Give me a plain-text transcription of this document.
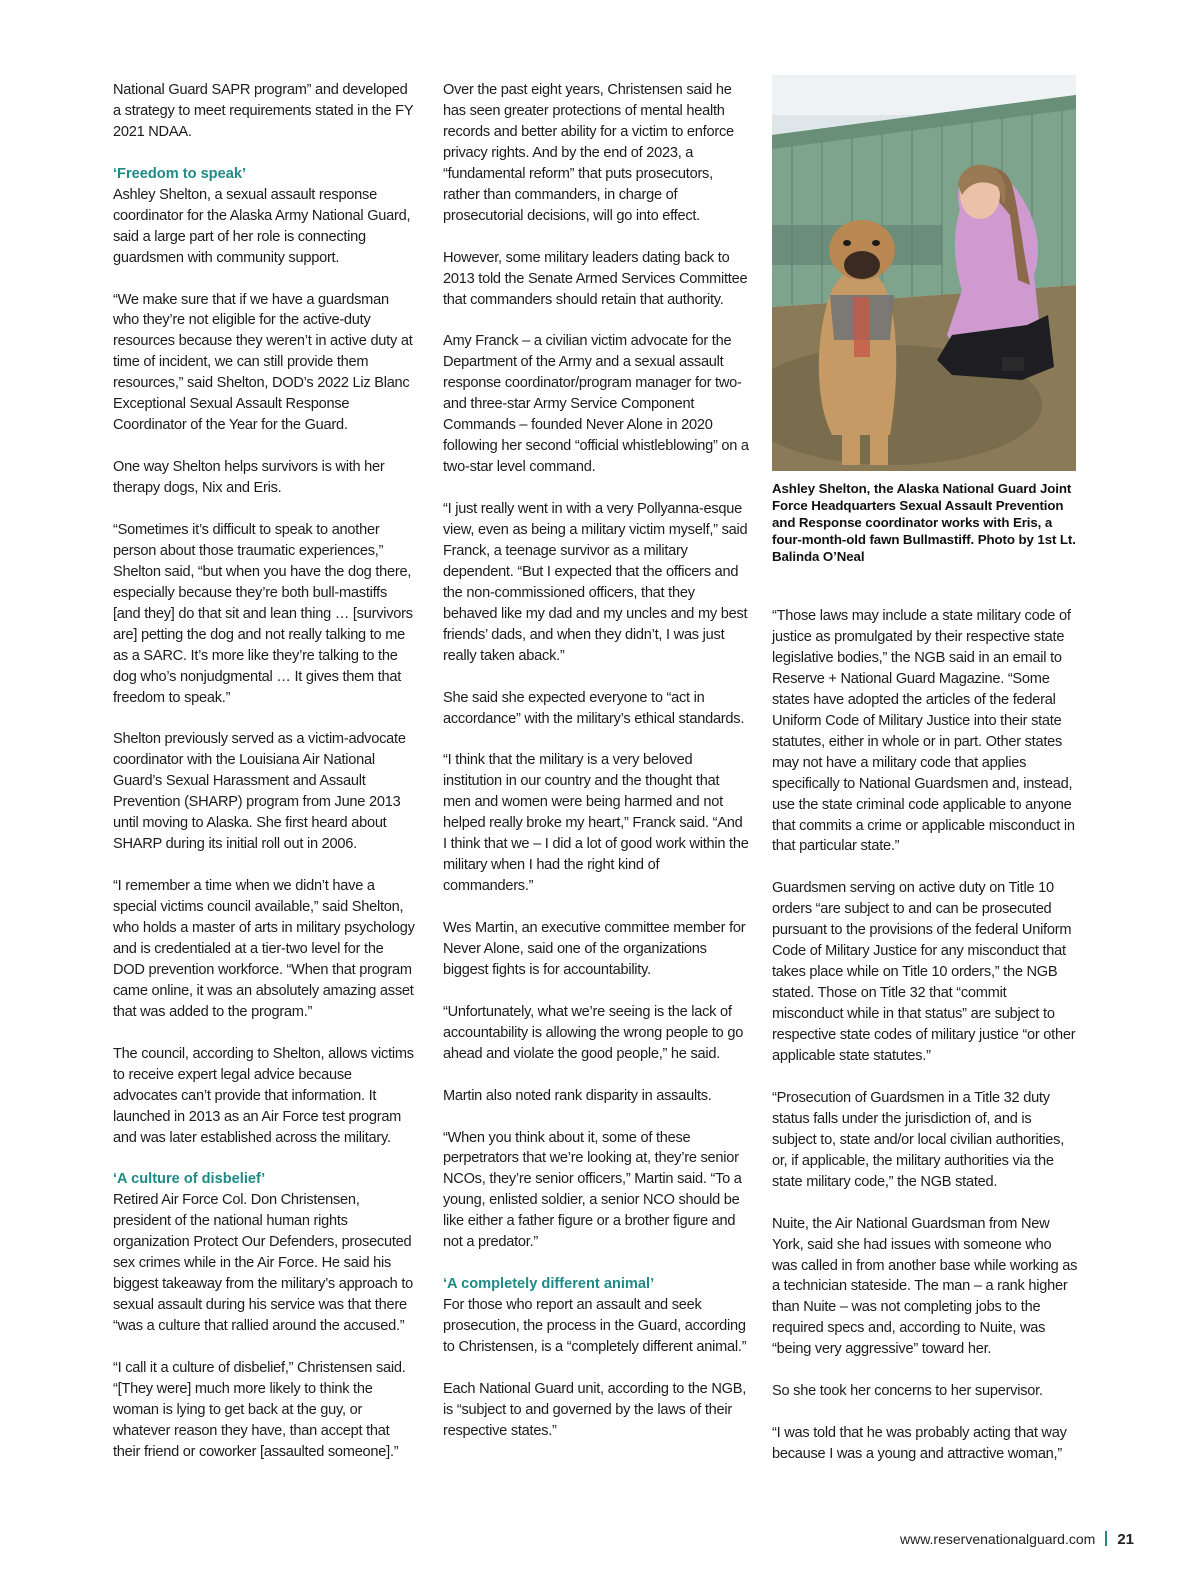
National Guard SAPR program” and developed a strategy to meet requirements stated in the FY 2021 NDAA.

‘Freedom to speak’

Ashley Shelton, a sexual assault response coordinator for the Alaska Army National Guard, said a large part of her role is connecting guardsmen with community support.

“We make sure that if we have a guardsman who they’re not eligible for the active-duty resources because they weren’t in active duty at time of incident, we can still provide them resources,” said Shelton, DOD’s 2022 Liz Blanc Exceptional Sexual Assault Response Coordinator of the Year for the Guard.

One way Shelton helps survivors is with her therapy dogs, Nix and Eris.

“Sometimes it’s difficult to speak to another person about those traumatic experiences,” Shelton said, “but when you have the dog there, especially because they’re both bull-mastiffs [and they] do that sit and lean thing … [survivors are] petting the dog and not really talking to me as a SARC. It’s more like they’re talking to the dog who’s nonjudgmental … It gives them that freedom to speak.”

Shelton previously served as a victim-advocate coordinator with the Louisiana Air National Guard’s Sexual Harassment and Assault Prevention (SHARP) program from June 2013 until moving to Alaska. She first heard about SHARP during its initial roll out in 2006.

“I remember a time when we didn’t have a special victims council available,” said Shelton, who holds a master of arts in military psychology and is credentialed at a tier-two level for the DOD prevention workforce. “When that program came online, it was an absolutely amazing asset that was added to the program.”

The council, according to Shelton, allows victims to receive expert legal advice because advocates can’t provide that information. It launched in 2013 as an Air Force test program and was later established across the military.

‘A culture of disbelief’

Retired Air Force Col. Don Christensen, president of the national human rights organization Protect Our Defenders, prosecuted sex crimes while in the Air Force. He said his biggest takeaway from the military’s approach to sexual assault during his service was that there “was a culture that rallied around the accused.”

“I call it a culture of disbelief,” Christensen said. “[They were] much more likely to think the woman is lying to get back at the guy, or whatever reason they have, than accept that their friend or coworker [assaulted someone].”

Over the past eight years, Christensen said he has seen greater protections of mental health records and better ability for a victim to enforce privacy rights. And by the end of 2023, a “fundamental reform” that puts prosecutors, rather than commanders, in charge of prosecutorial decisions, will go into effect.

However, some military leaders dating back to 2013 told the Senate Armed Services Committee that commanders should retain that authority.

Amy Franck – a civilian victim advocate for the Department of the Army and a sexual assault response coordinator/program manager for two- and three-star Army Service Component Commands – founded Never Alone in 2020 following her second “official whistleblowing” on a two-star level command.

“I just really went in with a very Pollyanna-esque view, even as being a military victim myself,” said Franck, a teenage survivor as a military dependent. “But I expected that the officers and the non-commissioned officers, that they behaved like my dad and my uncles and my best friends’ dads, and when they didn’t, I was just really taken aback.”

She said she expected everyone to “act in accordance” with the military’s ethical standards.

“I think that the military is a very beloved institution in our country and the thought that men and women were being harmed and not helped really broke my heart,” Franck said. “And I think that we – I did a lot of good work within the military when I had the right kind of commanders.”

Wes Martin, an executive committee member for Never Alone, said one of the organizations biggest fights is for accountability.

“Unfortunately, what we’re seeing is the lack of accountability is allowing the wrong people to go ahead and violate the good people,” he said.

Martin also noted rank disparity in assaults.

“When you think about it, some of these perpetrators that we’re looking at, they’re senior NCOs, they’re senior officers,” Martin said. “To a young, enlisted soldier, a senior NCO should be like either a father figure or a brother figure and not a predator.”

‘A completely different animal’

For those who report an assault and seek prosecution, the process in the Guard, according to Christensen, is a “completely different animal.”

Each National Guard unit, according to the NGB, is “subject to and governed by the laws of their respective states.”

Ashley Shelton, the Alaska National Guard Joint Force Headquarters Sexual Assault Prevention and Response coordinator works with Eris, a four-month-old fawn Bullmastiff. Photo by 1st Lt. Balinda O’Neal

“Those laws may include a state military code of justice as promulgated by their respective state legislative bodies,” the NGB said in an email to Reserve + National Guard Magazine. “Some states have adopted the articles of the federal Uniform Code of Military Justice into their state statutes, either in whole or in part. Other states may not have a military code that applies specifically to National Guardsmen and, instead, use the state criminal code applicable to anyone that commits a crime or applicable misconduct in that particular state.”

Guardsmen serving on active duty on Title 10 orders “are subject to and can be prosecuted pursuant to the provisions of the federal Uniform Code of Military Justice for any misconduct that takes place while on Title 10 orders,” the NGB stated. Those on Title 32 that “commit misconduct while in that status” are subject to respective state codes of military justice “or other applicable state statutes.”

“Prosecution of Guardsmen in a Title 32 duty status falls under the jurisdiction of, and is subject to, state and/or local civilian authorities, or, if applicable, the military authorities via the state military code,” the NGB stated.

Nuite, the Air National Guardsman from New York, said she had issues with someone who was called in from another base while working as a technician stateside. The man – a rank higher than Nuite – was not completing jobs to the required specs and, according to Nuite, was “being very aggressive” toward her.

So she took her concerns to her supervisor.

“I was told that he was probably acting that way because I was a young and attractive woman,”

www.reservenationalguard.com 21
